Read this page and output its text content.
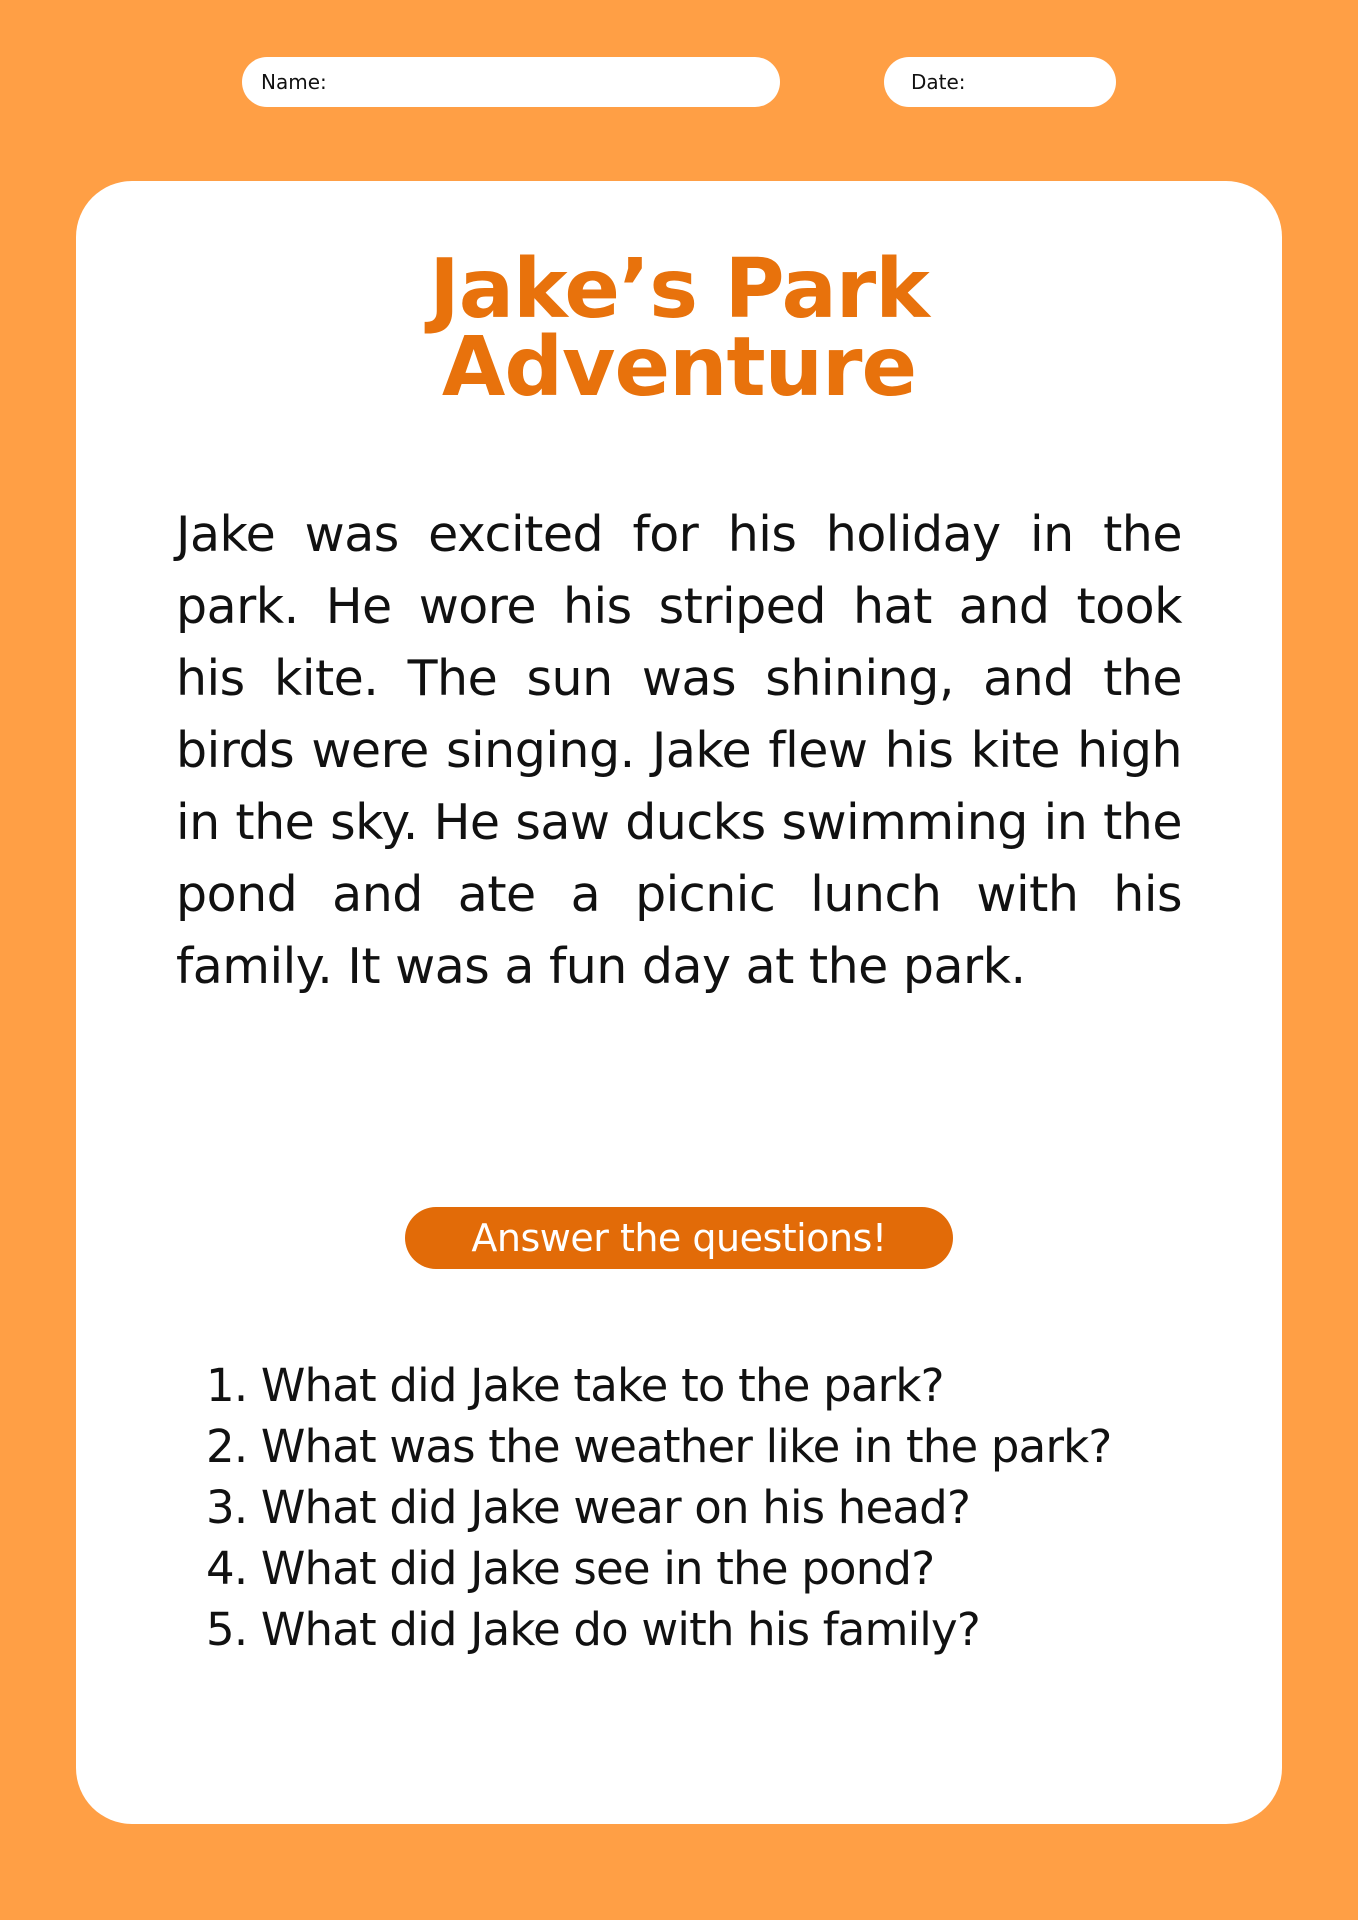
Name:	Date:
Jake’s Park
Adventure

Jake was excited for his holiday in the park. He wore his striped hat and took his kite. The sun was shining, and the birds were singing. Jake flew his kite high in the sky. He saw ducks swimming in the pond and ate a picnic lunch with his family. It was a fun day at the park.

Answer the questions!
1. What did Jake take to the park?
2. What was the weather like in the park?
3. What did Jake wear on his head?
4. What did Jake see in the pond?
5. What did Jake do with his family?
